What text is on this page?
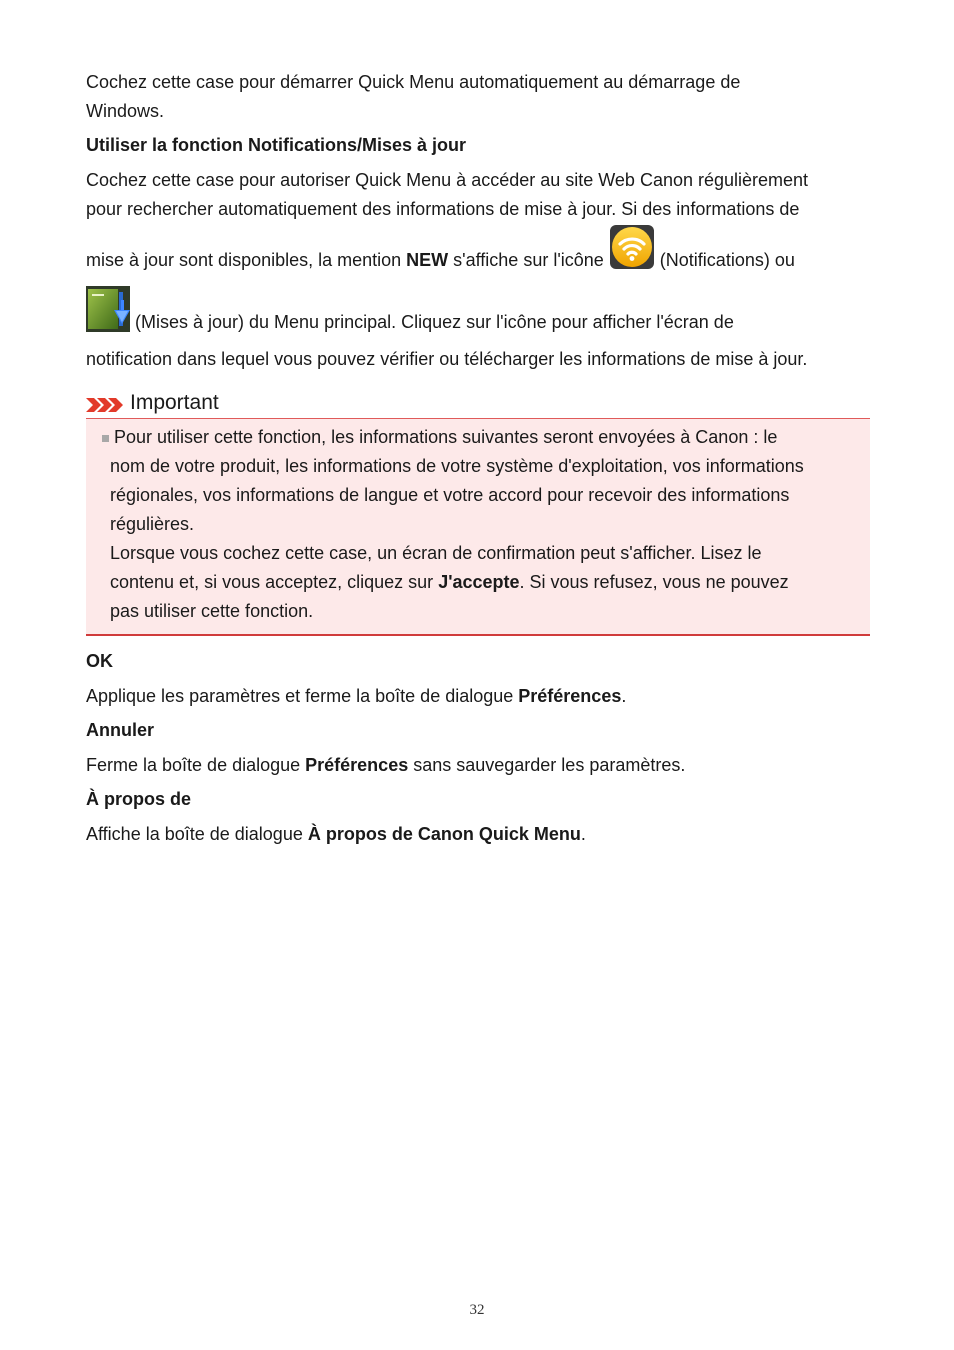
Cochez cette case pour démarrer Quick Menu automatiquement au démarrage de Windows.

Utiliser la fonction Notifications/Mises à jour

Cochez cette case pour autoriser Quick Menu à accéder au site Web Canon régulièrement

pour rechercher automatiquement des informations de mise à jour. Si des informations de

mise à jour sont disponibles, la mention NEW s'affiche sur l'icône	(Notifications) ou

(Mises à jour) du Menu principal. Cliquez sur l'icône pour afficher l'écran de

notification dans lequel vous pouvez vérifier ou télécharger les informations de mise à jour.

Important

Pour utiliser cette fonction, les informations suivantes seront envoyées à Canon : le

nom de votre produit, les informations de votre système d'exploitation, vos informations

régionales, vos informations de langue et votre accord pour recevoir des informations

régulières.

Lorsque vous cochez cette case, un écran de confirmation peut s'afficher. Lisez le

contenu et, si vous acceptez, cliquez sur J'accepte. Si vous refusez, vous ne pouvez

pas utiliser cette fonction.

OK

Applique les paramètres et ferme la boîte de dialogue Préférences.

Annuler

Ferme la boîte de dialogue Préférences sans sauvegarder les paramètres.

À propos de

Affiche la boîte de dialogue À propos de Canon Quick Menu.

32
